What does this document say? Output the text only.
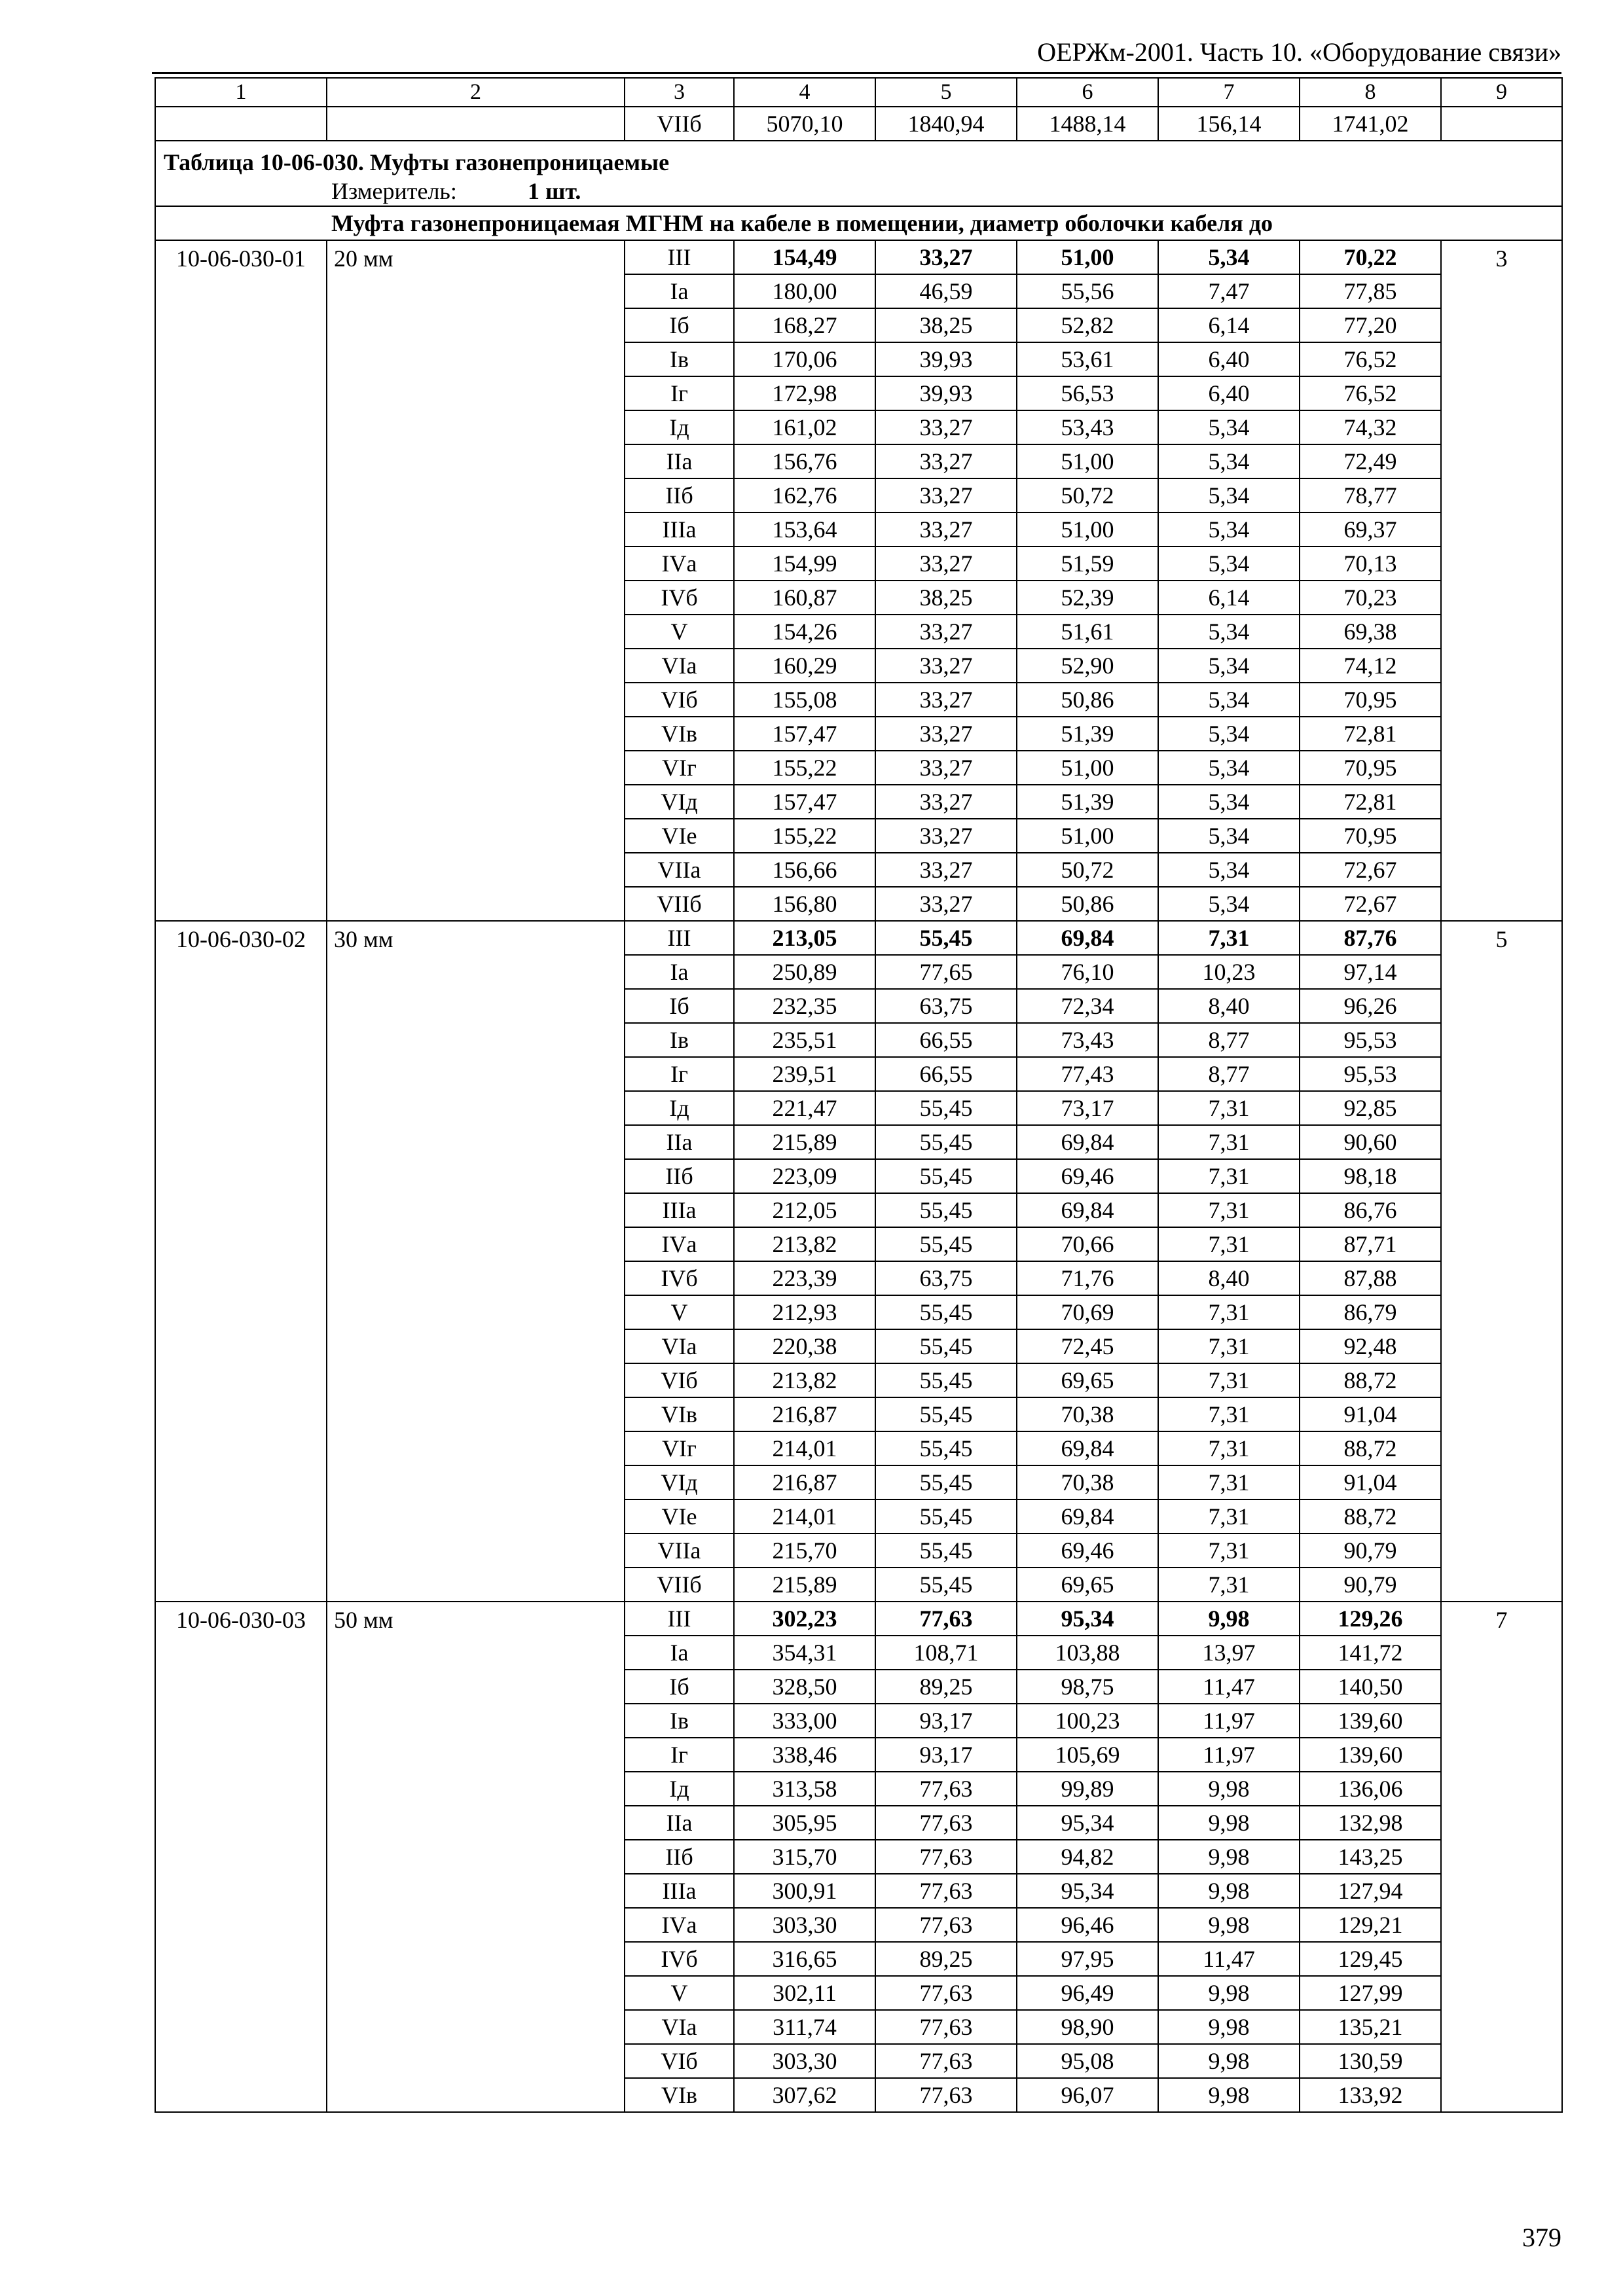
ОЕРЖм-2001. Часть 10. «Оборудование связи»
1	2	3	4	5	6	7	8	9
		VIIб	5070,10	1840,94	1488,14	156,14	1741,02	
Таблица 10-06-030. Муфты газонепроницаемые								
Измеритель: 1 шт.								
Муфта газонепроницаемая МГНМ на кабеле в помещении, диаметр оболочки кабеля до								
10-06-030-01	20 мм	III	154,49	33,27	51,00	5,34	70,22	3
		Iа	180,00	46,59	55,56	7,47	77,85	
		Iб	168,27	38,25	52,82	6,14	77,20	
		Iв	170,06	39,93	53,61	6,40	76,52	
		Iг	172,98	39,93	56,53	6,40	76,52	
		Iд	161,02	33,27	53,43	5,34	74,32	
		IIа	156,76	33,27	51,00	5,34	72,49	
		IIб	162,76	33,27	50,72	5,34	78,77	
		IIIа	153,64	33,27	51,00	5,34	69,37	
		IVа	154,99	33,27	51,59	5,34	70,13	
		IVб	160,87	38,25	52,39	6,14	70,23	
		V	154,26	33,27	51,61	5,34	69,38	
		VIа	160,29	33,27	52,90	5,34	74,12	
		VIб	155,08	33,27	50,86	5,34	70,95	
		VIв	157,47	33,27	51,39	5,34	72,81	
		VIг	155,22	33,27	51,00	5,34	70,95	
		VIд	157,47	33,27	51,39	5,34	72,81	
		VIе	155,22	33,27	51,00	5,34	70,95	
		VIIа	156,66	33,27	50,72	5,34	72,67	
		VIIб	156,80	33,27	50,86	5,34	72,67	
10-06-030-02	30 мм	III	213,05	55,45	69,84	7,31	87,76	5
		Iа	250,89	77,65	76,10	10,23	97,14	
		Iб	232,35	63,75	72,34	8,40	96,26	
		Iв	235,51	66,55	73,43	8,77	95,53	
		Iг	239,51	66,55	77,43	8,77	95,53	
		Iд	221,47	55,45	73,17	7,31	92,85	
		IIа	215,89	55,45	69,84	7,31	90,60	
		IIб	223,09	55,45	69,46	7,31	98,18	
		IIIа	212,05	55,45	69,84	7,31	86,76	
		IVа	213,82	55,45	70,66	7,31	87,71	
		IVб	223,39	63,75	71,76	8,40	87,88	
		V	212,93	55,45	70,69	7,31	86,79	
		VIа	220,38	55,45	72,45	7,31	92,48	
		VIб	213,82	55,45	69,65	7,31	88,72	
		VIв	216,87	55,45	70,38	7,31	91,04	
		VIг	214,01	55,45	69,84	7,31	88,72	
		VIд	216,87	55,45	70,38	7,31	91,04	
		VIе	214,01	55,45	69,84	7,31	88,72	
		VIIа	215,70	55,45	69,46	7,31	90,79	
		VIIб	215,89	55,45	69,65	7,31	90,79	
10-06-030-03	50 мм	III	302,23	77,63	95,34	9,98	129,26	7
		Iа	354,31	108,71	103,88	13,97	141,72	
		Iб	328,50	89,25	98,75	11,47	140,50	
		Iв	333,00	93,17	100,23	11,97	139,60	
		Iг	338,46	93,17	105,69	11,97	139,60	
		Iд	313,58	77,63	99,89	9,98	136,06	
		IIа	305,95	77,63	95,34	9,98	132,98	
		IIб	315,70	77,63	94,82	9,98	143,25	
		IIIа	300,91	77,63	95,34	9,98	127,94	
		IVа	303,30	77,63	96,46	9,98	129,21	
		IVб	316,65	89,25	97,95	11,47	129,45	
		V	302,11	77,63	96,49	9,98	127,99	
		VIа	311,74	77,63	98,90	9,98	135,21	
		VIб	303,30	77,63	95,08	9,98	130,59	
		VIв	307,62	77,63	96,07	9,98	133,92	
379
